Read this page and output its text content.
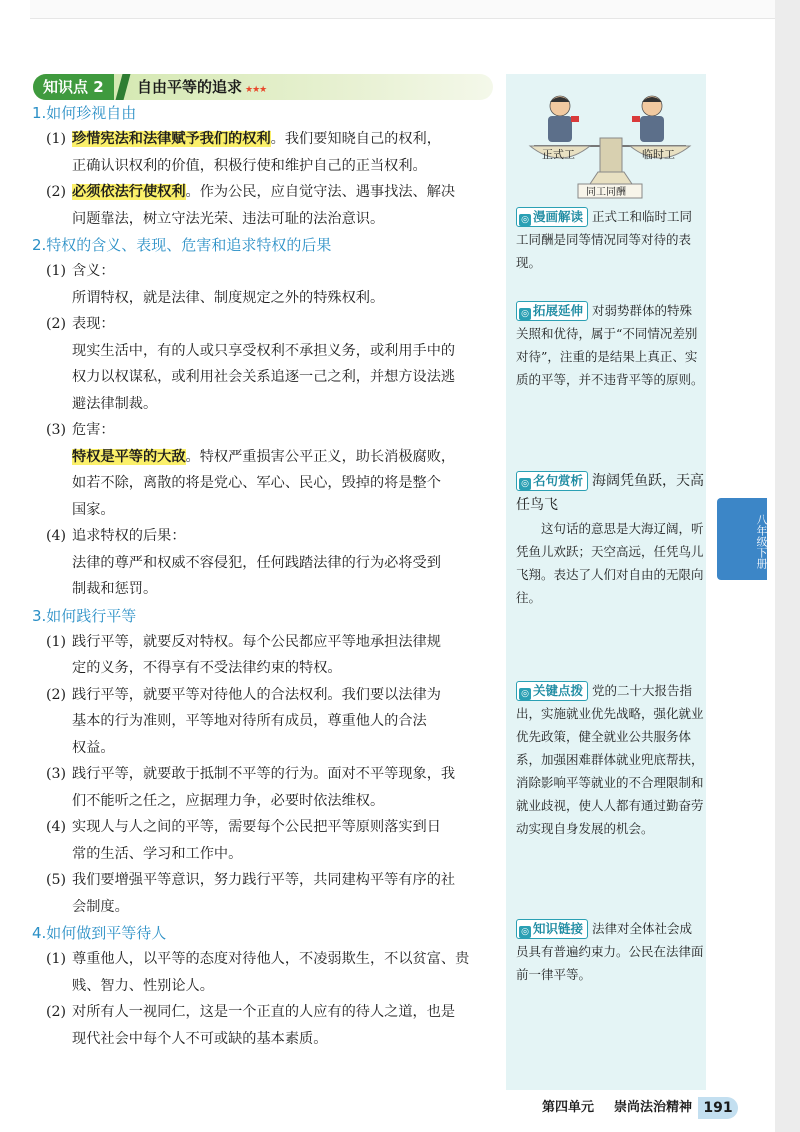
知识点 2	自由平等的追求 ★★★

1.如何珍视自由

(1) 珍惜宪法和法律赋予我们的权利。我们要知晓自己的权利，

正确认识权利的价值，积极行使和维护自己的正当权利。

(2) 必须依法行使权利。作为公民，应自觉守法、遇事找法、解决

问题靠法，树立守法光荣、违法可耻的法治意识。

2.特权的含义、表现、危害和追求特权的后果

(1) 含义：

所谓特权，就是法律、制度规定之外的特殊权利。

(2) 表现：

现实生活中，有的人或只享受权利不承担义务，或利用手中的

权力以权谋私，或利用社会关系追逐一己之利，并想方设法逃

避法律制裁。

(3) 危害：

特权是平等的大敌。特权严重损害公平正义，助长消极腐败，

如若不除，离散的将是党心、军心、民心，毁掉的将是整个

国家。

(4) 追求特权的后果：

法律的尊严和权威不容侵犯，任何践踏法律的行为必将受到

制裁和惩罚。

3.如何践行平等

(1) 践行平等，就要反对特权。每个公民都应平等地承担法律规

定的义务，不得享有不受法律约束的特权。

(2) 践行平等，就要平等对待他人的合法权利。我们要以法律为

基本的行为准则，平等地对待所有成员，尊重他人的合法

权益。

(3) 践行平等，就要敢于抵制不平等的行为。面对不平等现象，我

们不能听之任之，应据理力争，必要时依法维权。

(4) 实现人与人之间的平等，需要每个公民把平等原则落实到日

常的生活、学习和工作中。

(5) 我们要增强平等意识，努力践行平等，共同建构平等有序的社

会制度。

4.如何做到平等待人

(1) 尊重他人，以平等的态度对待他人，不凌弱欺生，不以贫富、贵

贱、智力、性别论人。

(2) 对所有人一视同仁，这是一个正直的人应有的待人之道，也是

现代社会中每个人不可或缺的基本素质。

正式工	临时工
同工同酬
◎ 漫画解读 正式工和临时工同工同酬是同等情况同等对待的表现。
◎ 拓展延伸 对弱势群体的特殊关照和优待，属于“不同情况差别对待”，注重的是结果上真正、实质的平等，并不违背平等的原则。
◎ 名句赏析 海阔凭鱼跃，天高任鸟飞
这句话的意思是大海辽阔，听凭鱼儿欢跃；天空高远，任凭鸟儿飞翔。表达了人们对自由的无限向往。
◎ 关键点拨 党的二十大报告指出，实施就业优先战略，强化就业优先政策，健全就业公共服务体系，加强困难群体就业兜底帮扶，消除影响平等就业的不合理限制和就业歧视，使人人都有通过勤奋劳动实现自身发展的机会。
◎ 知识链接 法律对全体社会成员具有普遍约束力。公民在法律面前一律平等。
八年级下册
第四单元 崇尚法治精神 191
